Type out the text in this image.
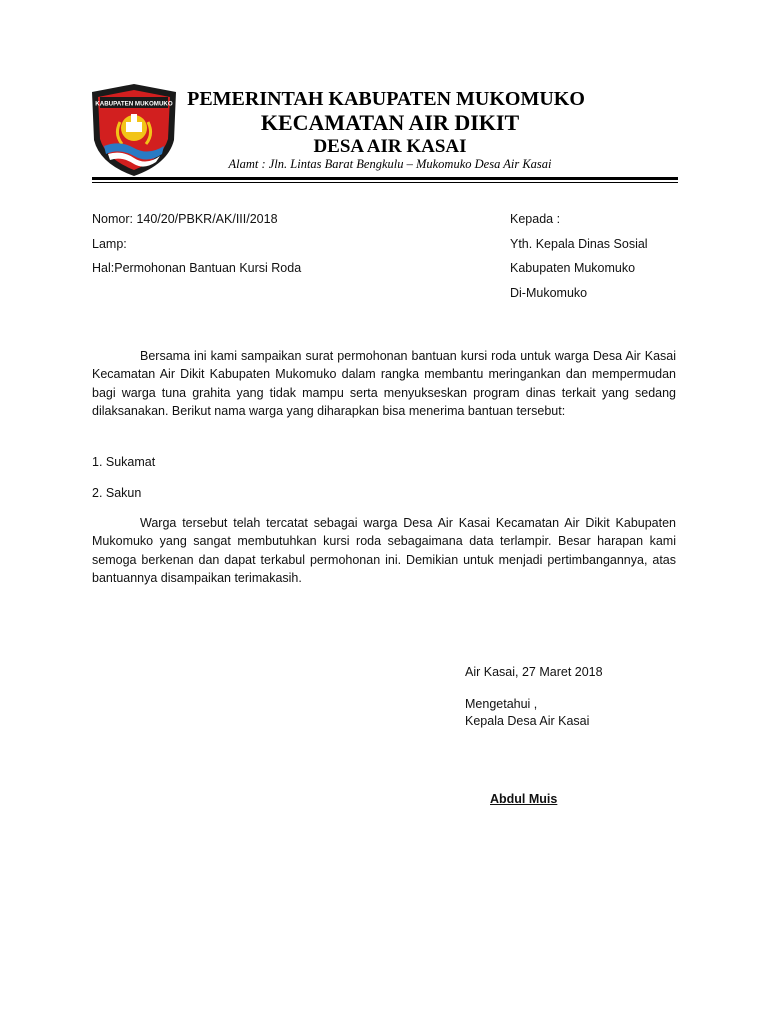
KABUPATEN MUKOMUKO PEMERINTAH KABUPATEN MUKOMUKO
KECAMATAN AIR DIKIT
DESA AIR KASAI
Alamt : Jln. Lintas Barat Bengkulu – Mukomuko Desa Air Kasai
Nomor: 140/20/PBKR/AK/III/2018
Lamp:
Hal:Permohonan Bantuan Kursi Roda
Kepada :
Yth. Kepala Dinas Sosial
Kabupaten Mukomuko
Di-Mukomuko
Bersama ini kami sampaikan surat permohonan bantuan kursi roda untuk warga Desa Air Kasai Kecamatan Air Dikit Kabupaten Mukomuko dalam rangka membantu meringankan dan mempermudan bagi warga tuna grahita yang tidak mampu serta menyukseskan program dinas terkait yang sedang dilaksanakan. Berikut nama warga yang diharapkan bisa menerima bantuan tersebut:
1. Sukamat
2. Sakun
Warga tersebut telah tercatat sebagai warga Desa Air Kasai Kecamatan Air Dikit Kabupaten Mukomuko yang sangat membutuhkan kursi roda sebagaimana data terlampir. Besar harapan kami semoga berkenan dan dapat terkabul permohonan ini. Demikian untuk menjadi pertimbangannya, atas bantuannya disampaikan terimakasih.
Air Kasai, 27 Maret 2018
Mengetahui ,
Kepala Desa Air Kasai
Abdul Muis
